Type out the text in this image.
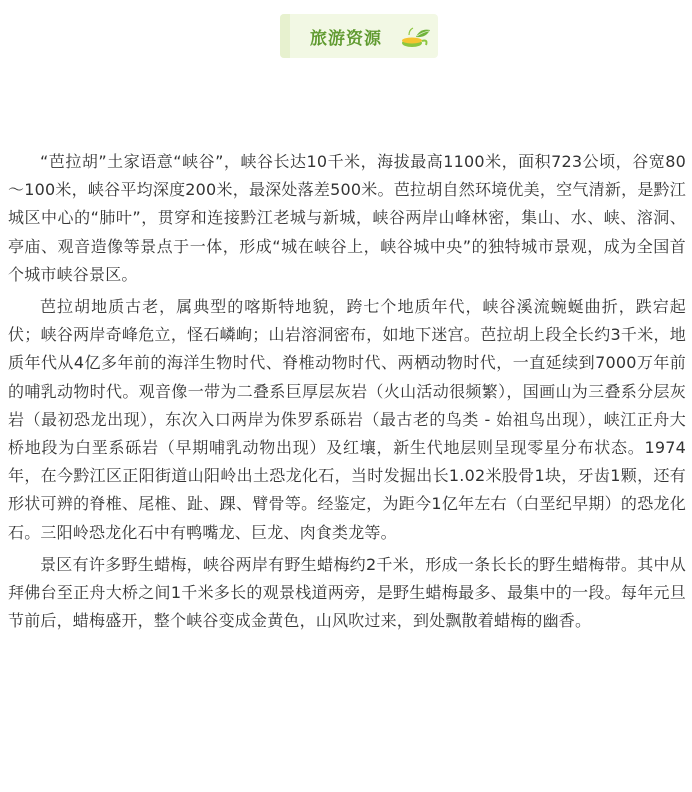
旅游资源

“芭拉胡”土家语意“峡谷”，峡谷长达10千米，海拔最高1100米，面积723公顷，谷宽80～100米，峡谷平均深度200米，最深处落差500米。芭拉胡自然环境优美，空气清新，是黔江城区中心的“肺叶”，贯穿和连接黔江老城与新城，峡谷两岸山峰林密，集山、水、峡、溶洞、亭庙、观音造像等景点于一体，形成“城在峡谷上，峡谷城中央”的独特城市景观，成为全国首个城市峡谷景区。

芭拉胡地质古老，属典型的喀斯特地貌，跨七个地质年代，峡谷溪流蜿蜒曲折，跌宕起伏；峡谷两岸奇峰危立，怪石嶙峋；山岩溶洞密布，如地下迷宫。芭拉胡上段全长约3千米，地质年代从4亿多年前的海洋生物时代、脊椎动物时代、两栖动物时代，一直延续到7000万年前的哺乳动物时代。观音像一带为二叠系巨厚层灰岩（火山活动很频繁），国画山为三叠系分层灰岩（最初恐龙出现），东次入口两岸为侏罗系砾岩（最古老的鸟类 - 始祖鸟出现），峡江正舟大桥地段为白垩系砾岩（早期哺乳动物出现）及红壤，新生代地层则呈现零星分布状态。1974年，在今黔江区正阳街道山阳岭出土恐龙化石，当时发掘出长1.02米股骨1块，牙齿1颗，还有形状可辨的脊椎、尾椎、趾、踝、臂骨等。经鉴定，为距今1亿年左右（白垩纪早期）的恐龙化石。三阳岭恐龙化石中有鸭嘴龙、巨龙、肉食类龙等。

景区有许多野生蜡梅，峡谷两岸有野生蜡梅约2千米，形成一条长长的野生蜡梅带。其中从拜佛台至正舟大桥之间1千米多长的观景栈道两旁，是野生蜡梅最多、最集中的一段。每年元旦节前后，蜡梅盛开，整个峡谷变成金黄色，山风吹过来，到处飘散着蜡梅的幽香。
